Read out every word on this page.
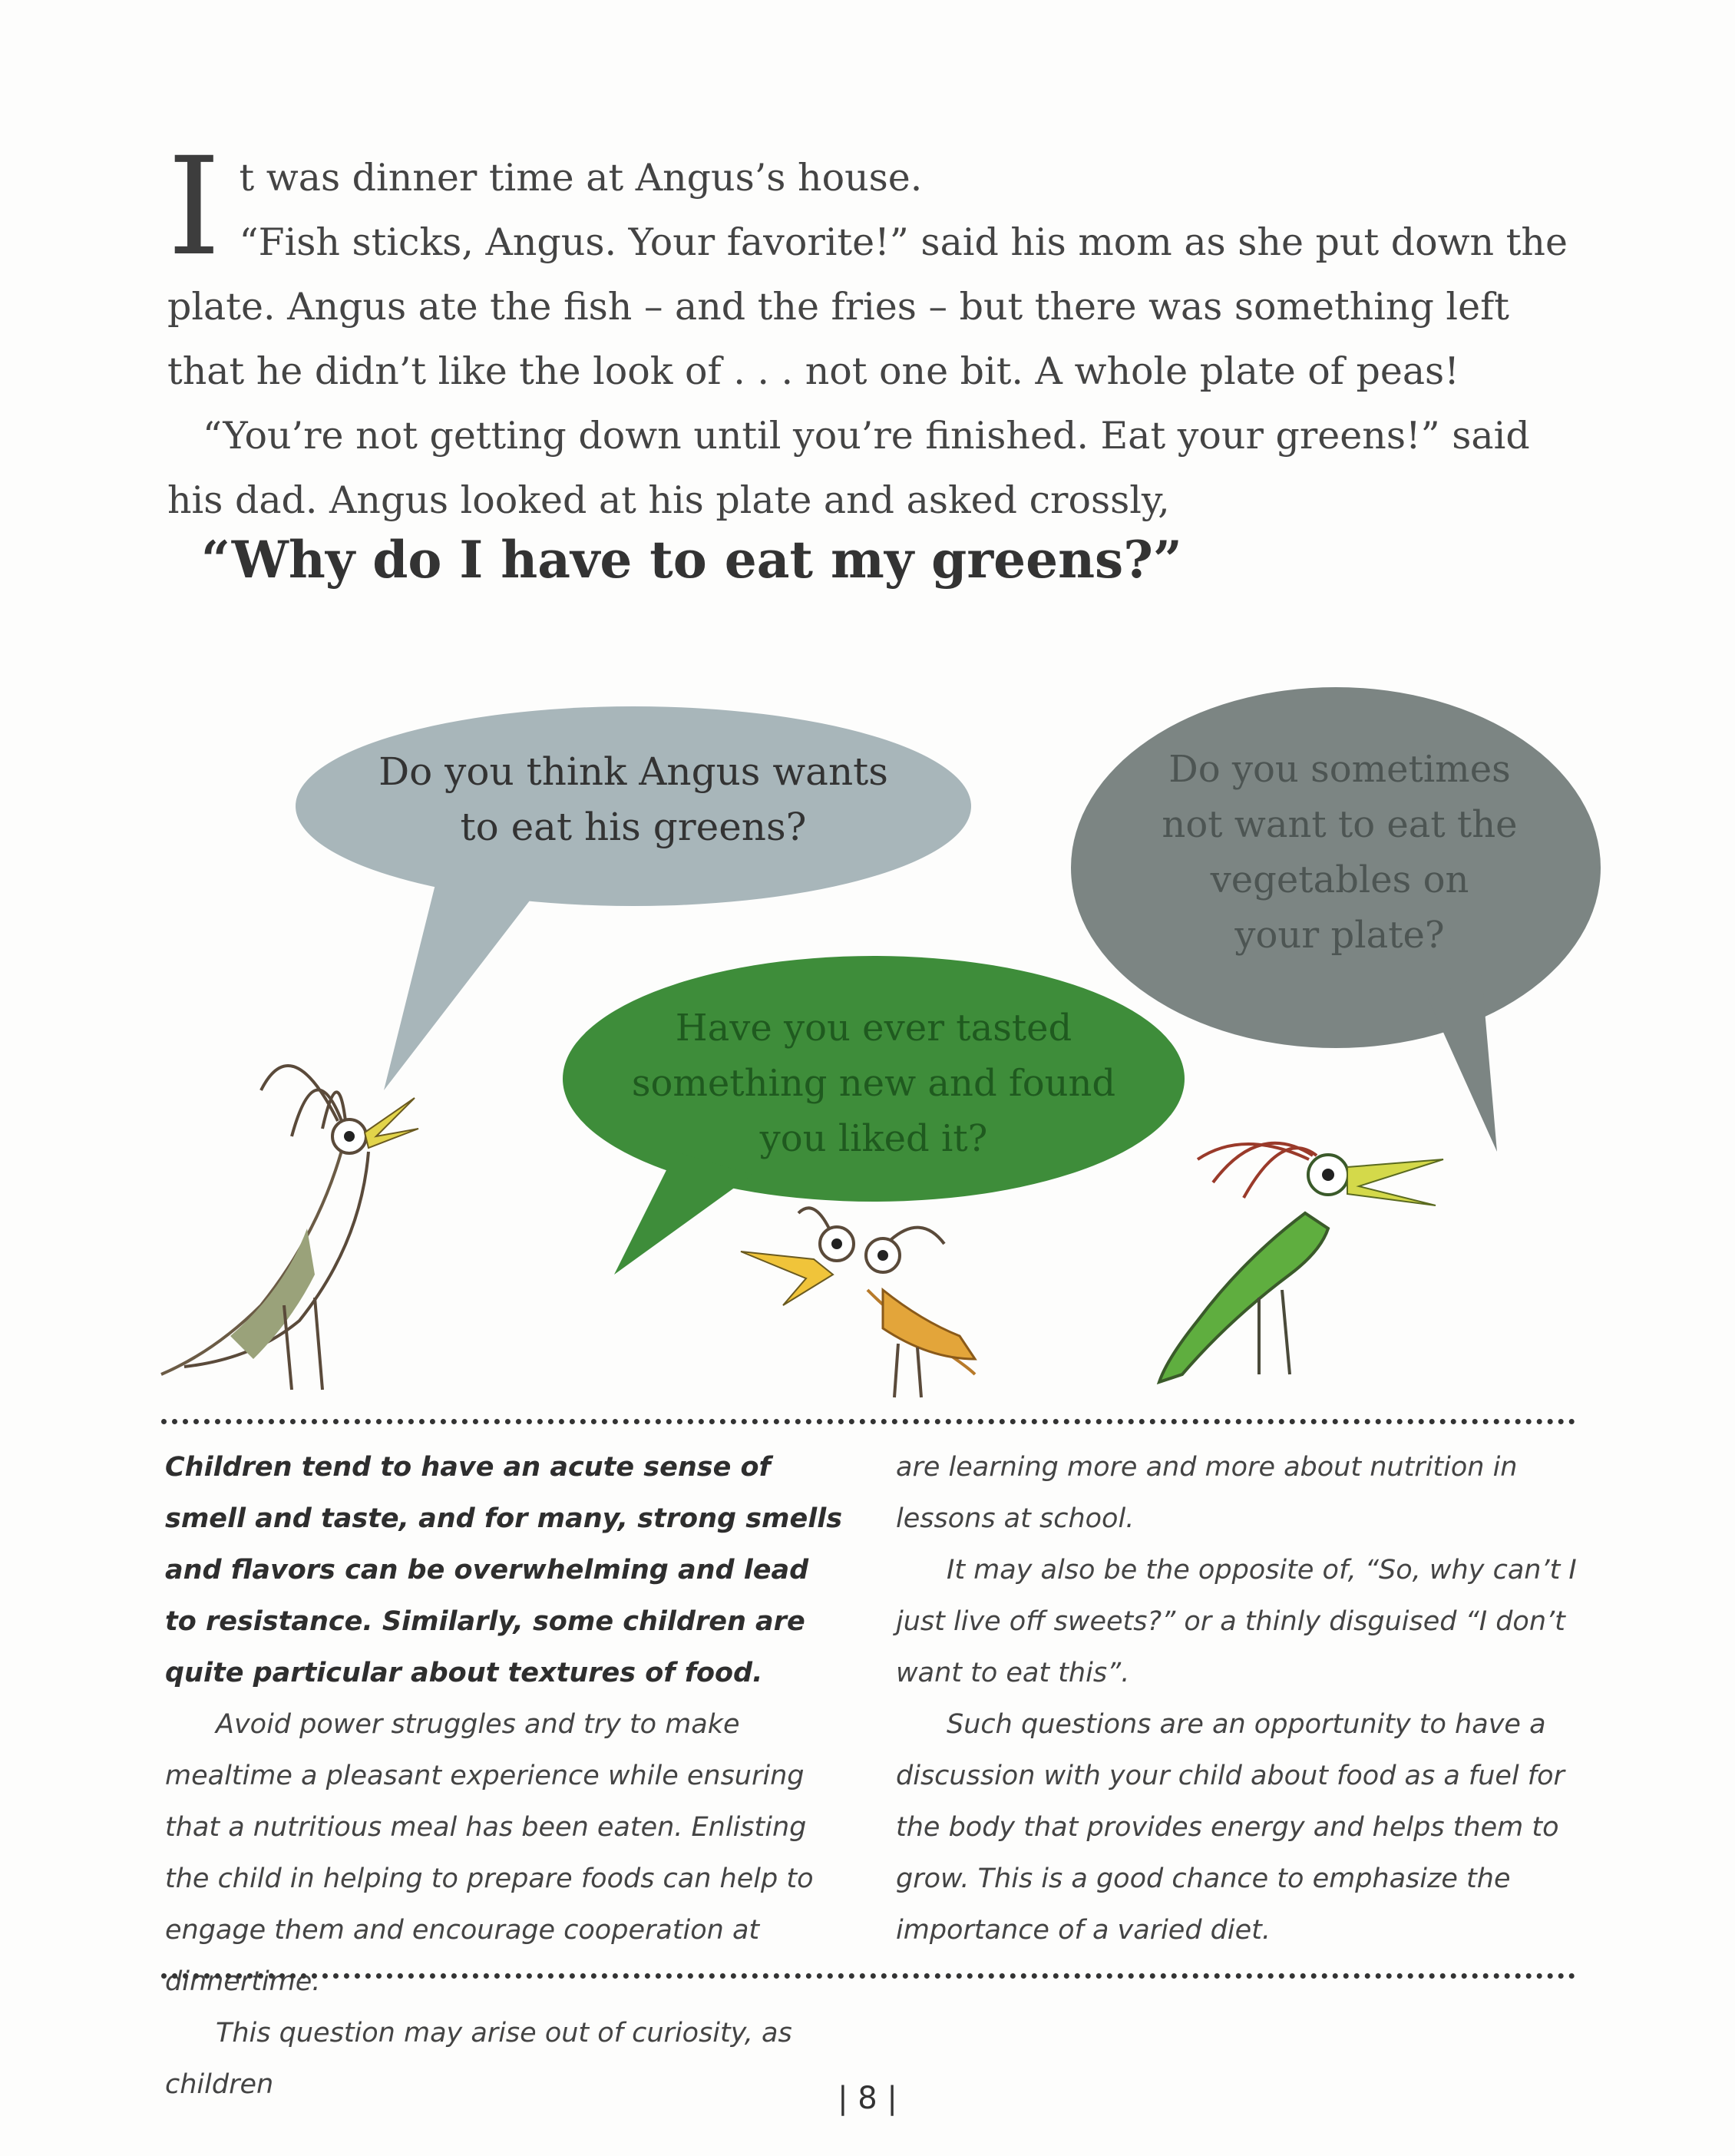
It was dinner time at Angus’s house.

“Fish sticks, Angus. Your favorite!” said his mom as she put down the plate. Angus ate the fish – and the fries – but there was something left that he didn’t like the look of . . . not one bit. A whole plate of peas!

“You’re not getting down until you’re finished. Eat your greens!” said his dad. Angus looked at his plate and asked crossly,

“Why do I have to eat my greens?”
Do you think Angus wants
to eat his greens?
Do you sometimes
not want to eat the
vegetables on
your plate?
Have you ever tasted
something new and found
you liked it?

Children tend to have an acute sense of smell and taste, and for many, strong smells and flavors can be overwhelming and lead to resistance. Similarly, some children are quite particular about textures of food.

Avoid power struggles and try to make mealtime a pleasant experience while ensuring that a nutritious meal has been eaten. Enlisting the child in helping to prepare foods can help to engage them and encourage cooperation at dinnertime.

This question may arise out of curiosity, as children

are learning more and more about nutrition in lessons at school.

It may also be the opposite of, “So, why can’t I just live off sweets?” or a thinly disguised “I don’t want to eat this”.

Such questions are an opportunity to have a discussion with your child about food as a fuel for the body that provides energy and helps them to grow. This is a good chance to emphasize the importance of a varied diet.

| 8 |
